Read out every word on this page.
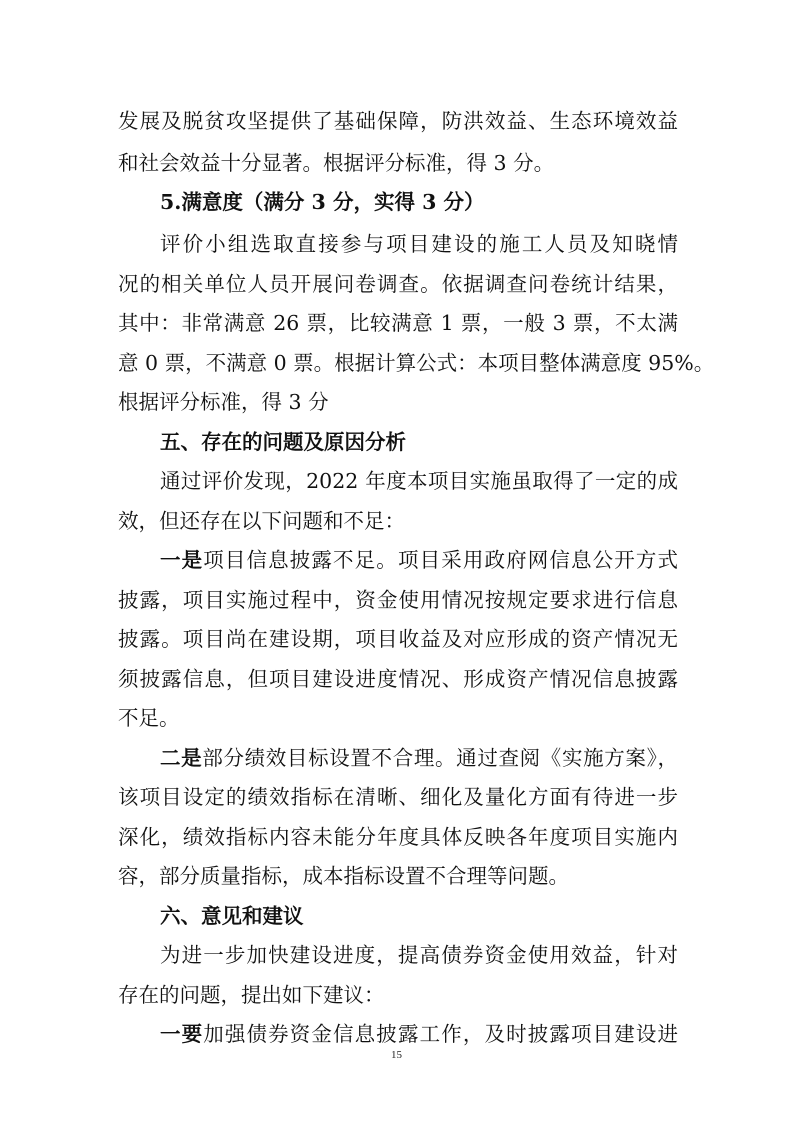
发展及脱贫攻坚提供了基础保障，防洪效益、生态环境效益
和社会效益十分显著。根据评分标准，得 3 分。
5.满意度（满分 3 分，实得 3 分）
评价小组选取直接参与项目建设的施工人员及知晓情
况的相关单位人员开展问卷调查。依据调查问卷统计结果，
其中：非常满意 26 票，比较满意 1 票，一般 3 票，不太满
意 0 票，不满意 0 票。根据计算公式：本项目整体满意度 95%。
根据评分标准，得 3 分
五、存在的问题及原因分析
通过评价发现，2022 年度本项目实施虽取得了一定的成
效，但还存在以下问题和不足：
一是项目信息披露不足。项目采用政府网信息公开方式
披露，项目实施过程中，资金使用情况按规定要求进行信息
披露。项目尚在建设期，项目收益及对应形成的资产情况无
须披露信息，但项目建设进度情况、形成资产情况信息披露
不足。
二是部分绩效目标设置不合理。通过查阅《实施方案》，
该项目设定的绩效指标在清晰、细化及量化方面有待进一步
深化，绩效指标内容未能分年度具体反映各年度项目实施内
容，部分质量指标，成本指标设置不合理等问题。
六、意见和建议
为进一步加快建设进度，提高债券资金使用效益，针对
存在的问题，提出如下建议：
一要加强债券资金信息披露工作，及时披露项目建设进
15
